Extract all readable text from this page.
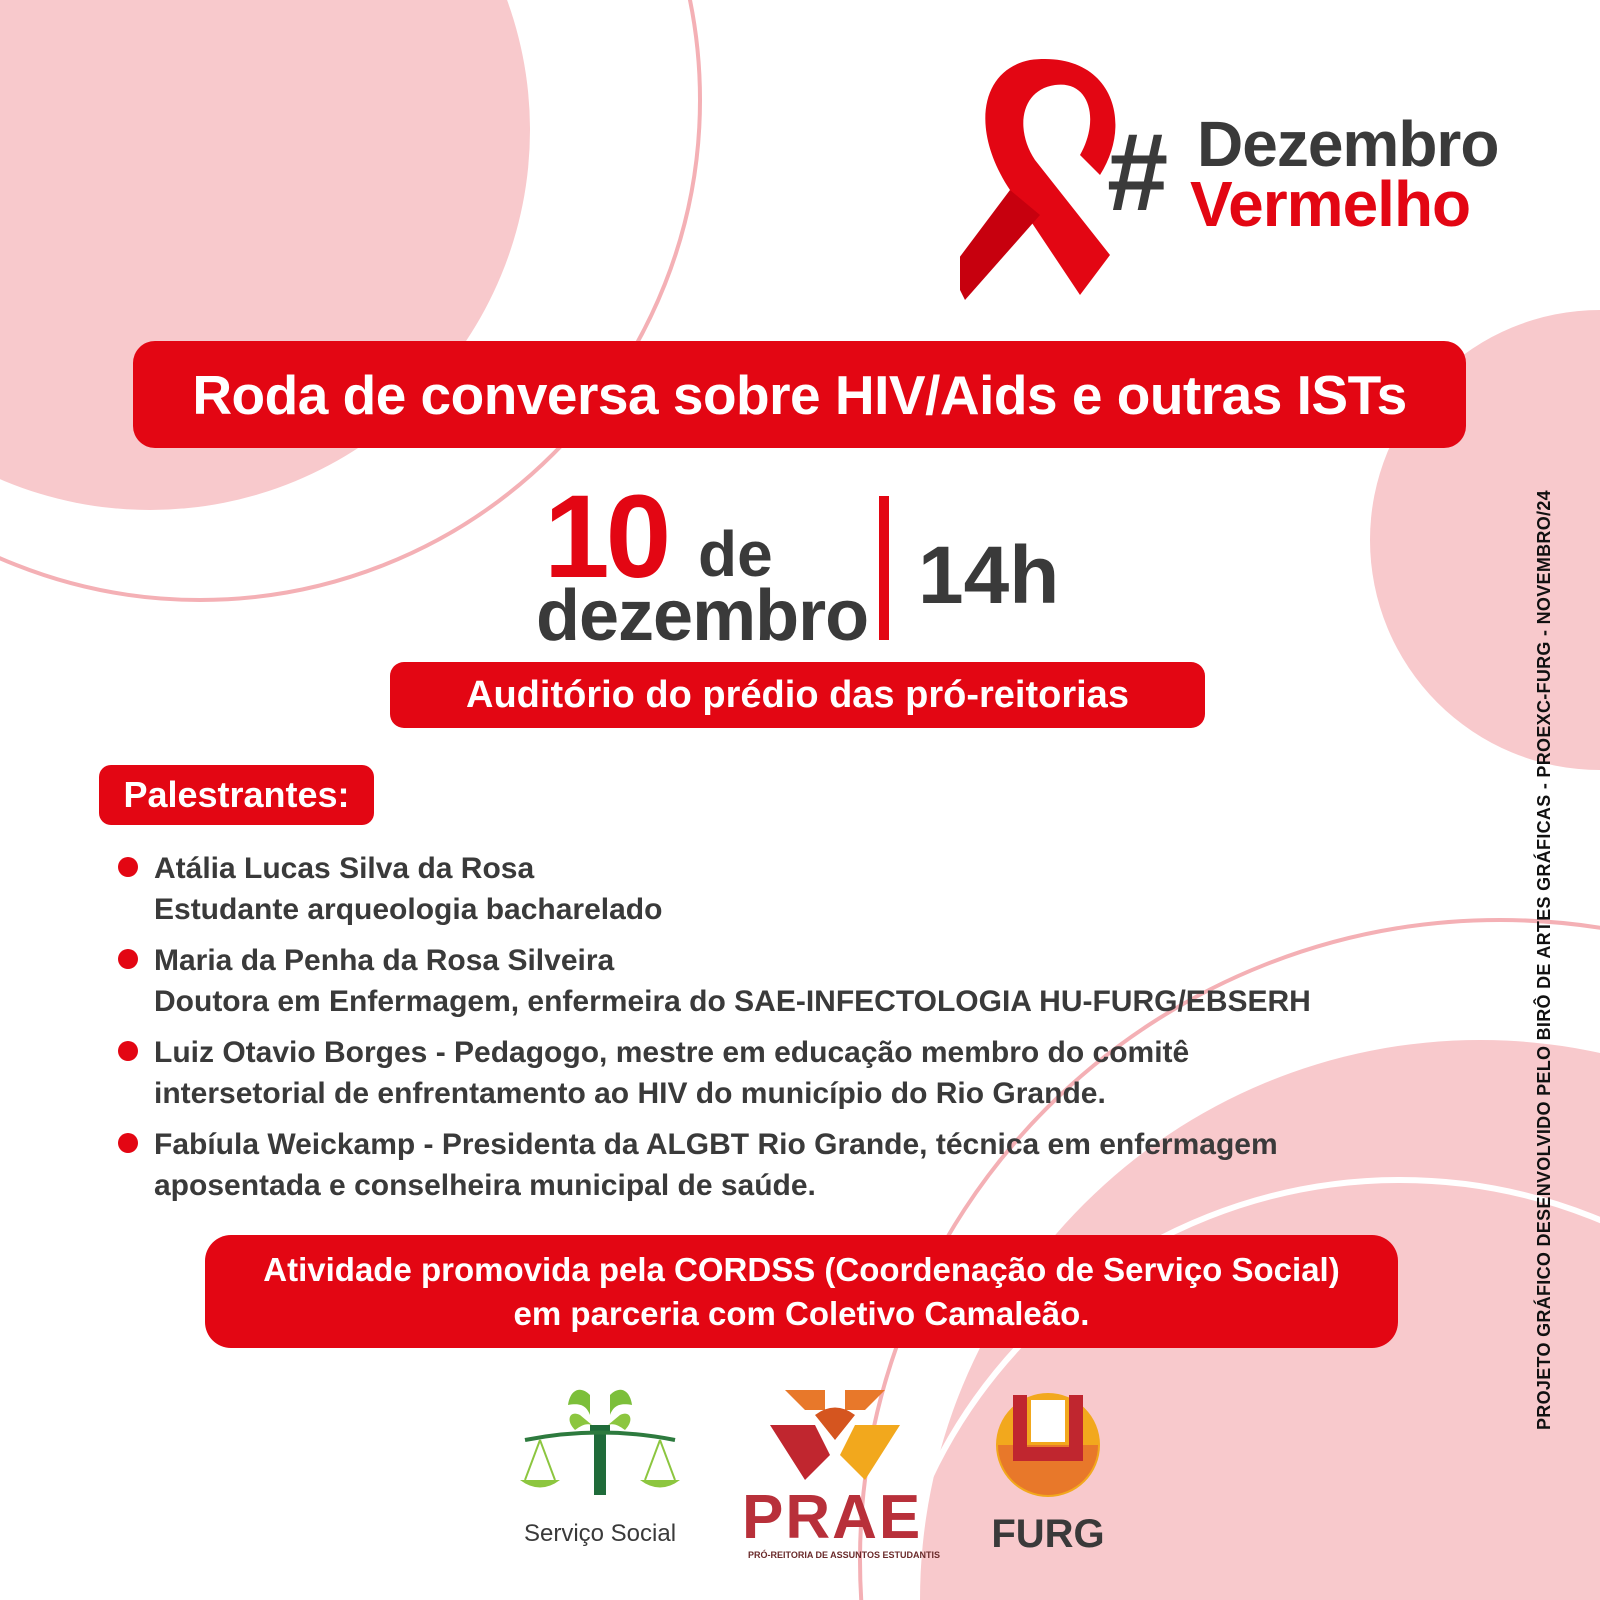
# Dezembro
Vermelho
Roda de conversa sobre HIV/Aids e outras ISTs
10 de
dezembro 14h
Auditório do prédio das pró-reitorias
Palestrantes:
Atália Lucas Silva da Rosa
Estudante arqueologia bacharelado
Maria da Penha da Rosa Silveira
Doutora em Enfermagem, enfermeira do SAE-INFECTOLOGIA HU-FURG/EBSERH
Luiz Otavio Borges - Pedagogo, mestre em educação membro do comitê
intersetorial de enfrentamento ao HIV do município do Rio Grande.
Fabíula Weickamp - Presidenta da ALGBT Rio Grande, técnica em enfermagem
aposentada e conselheira municipal de saúde.
Atividade promovida pela CORDSS (Coordenação de Serviço Social)
em parceria com Coletivo Camaleão.	PROJETO GRÁFICO DESENVOLVIDO PELO BIRÔ DE ARTES GRÁFICAS - PROEXC-FURG - NOVEMBRO/24
Serviço Social PRAE
PRÓ-REITORIA DE ASSUNTOS ESTUDANTIS FURG
